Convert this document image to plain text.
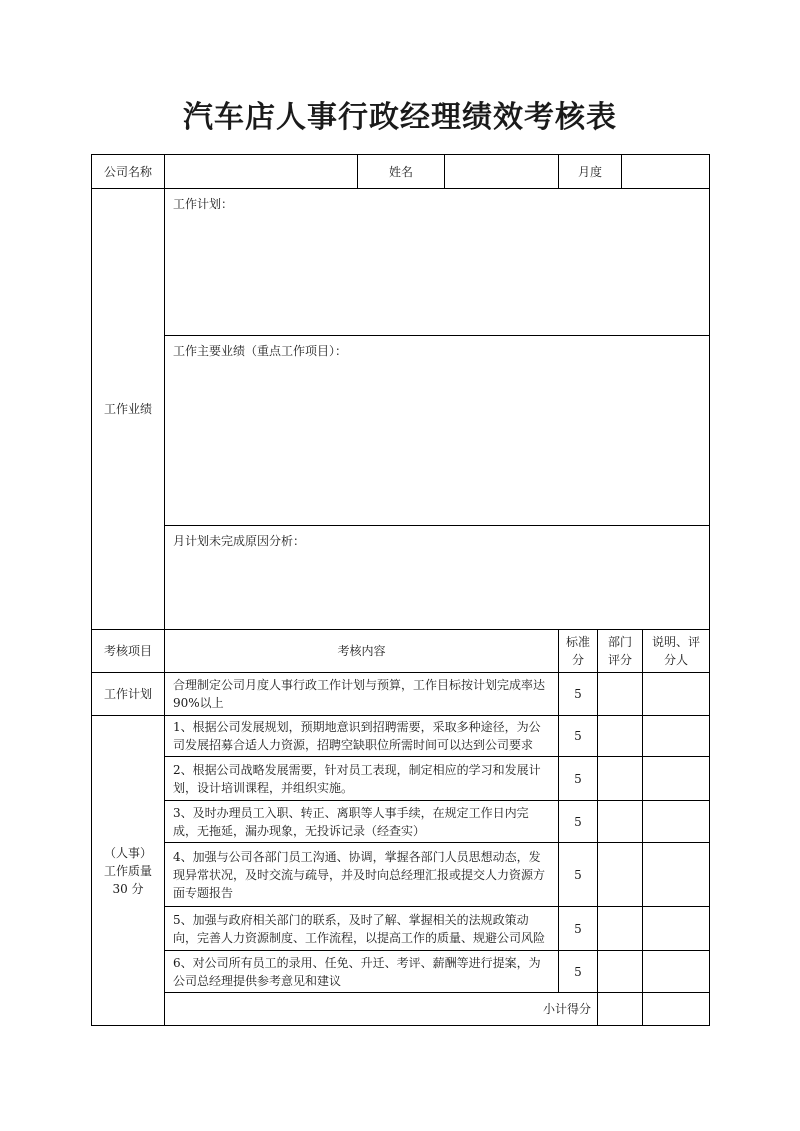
汽车店人事行政经理绩效考核表
公司名称		姓名		月度			
工作业绩	工作计划：						
	工作主要业绩（重点工作项目）：						
	月计划未完成原因分析：						
考核项目	考核内容			标准分	部门评分		说明、评分人
工作计划	合理制定公司月度人事行政工作计划与预算，工作目标按计划完成率达90%以上			5			
（人事）
工作质量
30 分	1、根据公司发展规划，预期地意识到招聘需要，采取多种途径，为公司发展招募合适人力资源，招聘空缺职位所需时间可以达到公司要求			5			
	2、根据公司战略发展需要，针对员工表现，制定相应的学习和发展计划，设计培训课程，并组织实施。			5			
	3、及时办理员工入职、转正、离职等人事手续，在规定工作日内完成，无拖延，漏办现象，无投诉记录（经查实）			5			
	4、加强与公司各部门员工沟通、协调，掌握各部门人员思想动态，发现异常状况，及时交流与疏导，并及时向总经理汇报或提交人力资源方面专题报告			5			
	5、加强与政府相关部门的联系，及时了解、掌握相关的法规政策动向，完善人力资源制度、工作流程，以提高工作的质量、规避公司风险			5			
	6、对公司所有员工的录用、任免、升迁、考评、薪酬等进行提案，为公司总经理提供参考意见和建议			5			
	小计得分						
